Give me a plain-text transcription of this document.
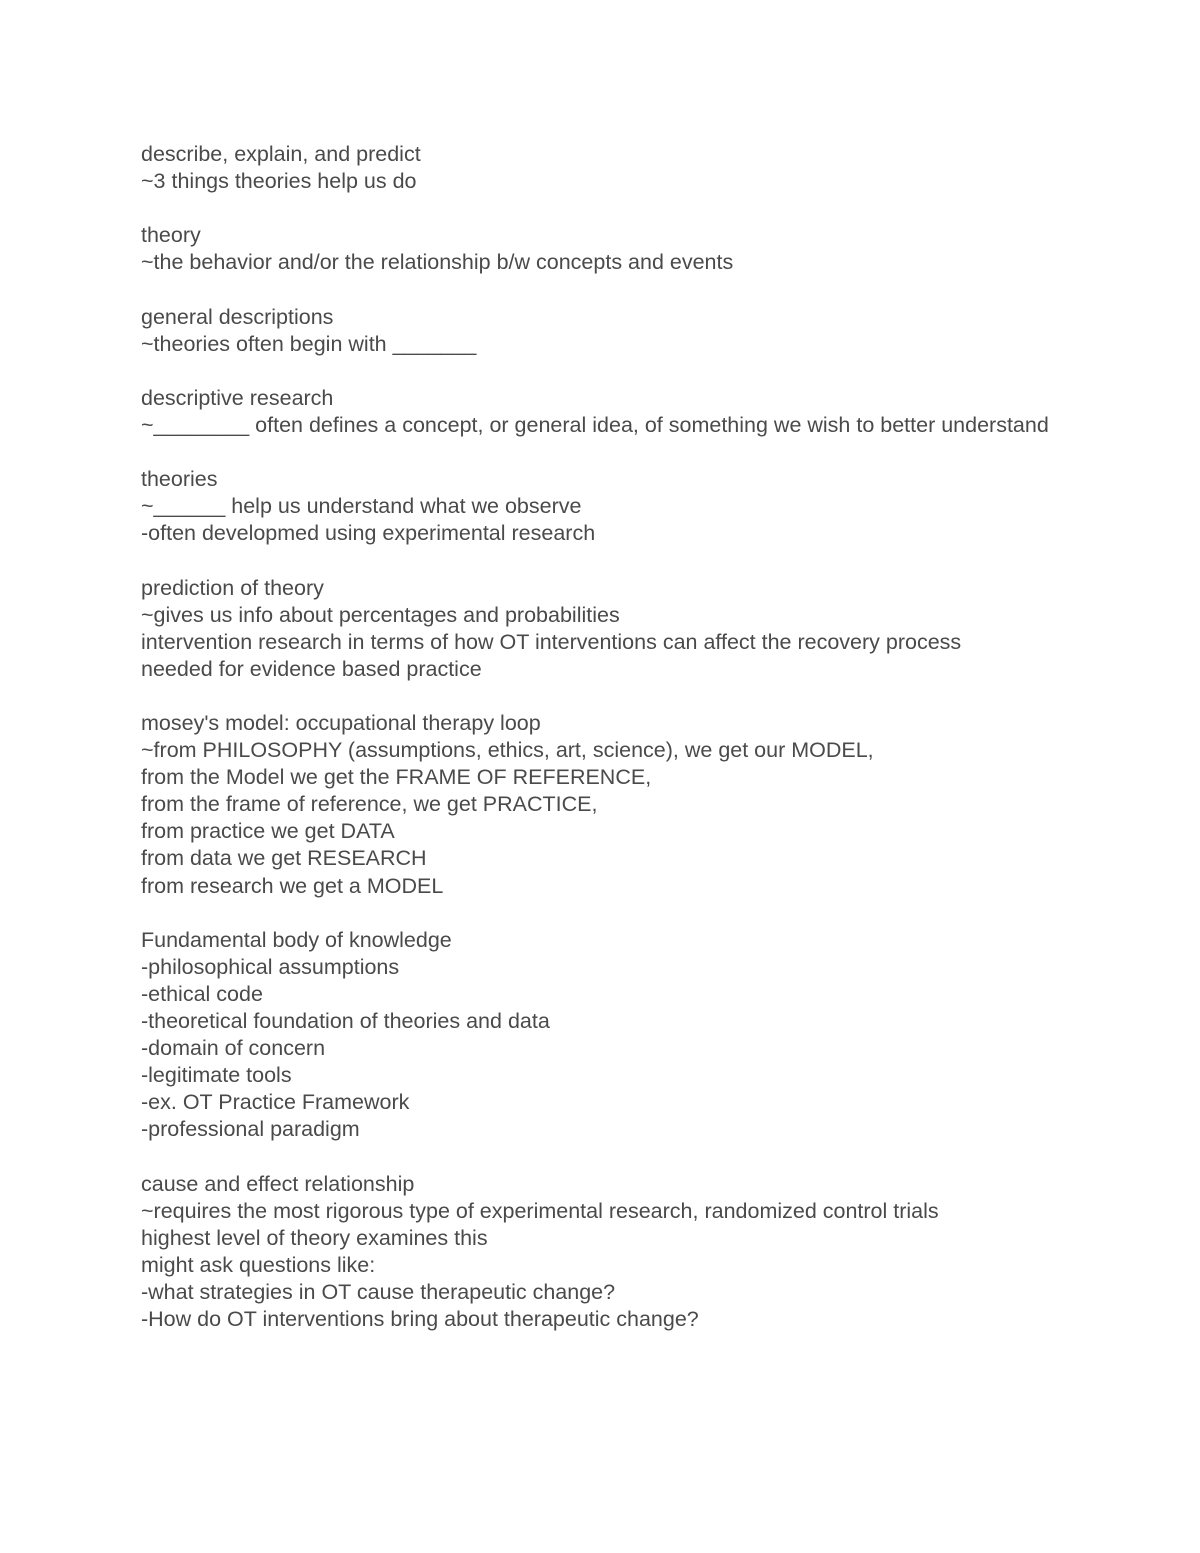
describe, explain, and predict
~3 things theories help us do
theory
~the behavior and/or the relationship b/w concepts and events
general descriptions
~theories often begin with _______
descriptive research
~________ often defines a concept, or general idea, of something we wish to better understand
theories
~______ help us understand what we observe
-often developmed using experimental research
prediction of theory
~gives us info about percentages and probabilities
intervention research in terms of how OT interventions can affect the recovery process
needed for evidence based practice
mosey's model: occupational therapy loop
~from PHILOSOPHY (assumptions, ethics, art, science), we get our MODEL,
from the Model we get the FRAME OF REFERENCE,
from the frame of reference, we get PRACTICE,
from practice we get DATA
from data we get RESEARCH
from research we get a MODEL
Fundamental body of knowledge
-philosophical assumptions
-ethical code
-theoretical foundation of theories and data
-domain of concern
-legitimate tools
-ex. OT Practice Framework
-professional paradigm
cause and effect relationship
~requires the most rigorous type of experimental research, randomized control trials
highest level of theory examines this
might ask questions like:
-what strategies in OT cause therapeutic change?
-How do OT interventions bring about therapeutic change?
